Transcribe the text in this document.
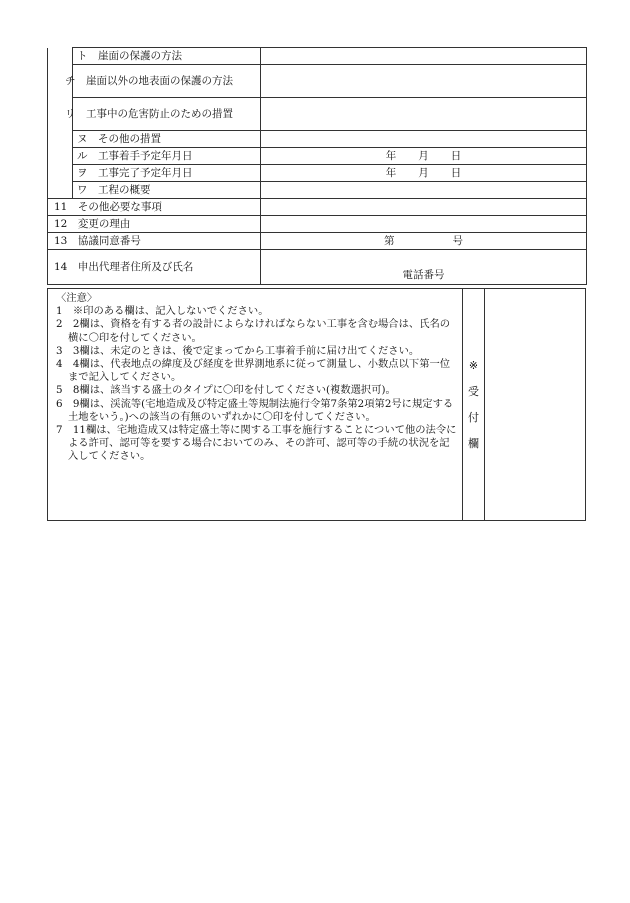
	ト　崖面の保護の方法	
	チ　崖面以外の地表面の保護の方法	
	リ　工事中の危害防止のための措置	
	ヌ　その他の措置	
	ル　工事着手予定年月日	年 月 日
	ヲ　工事完了予定年月日	年 月 日
	ワ　工程の概要	
11　その他必要な事項		
12　変更の理由		
13　協議同意番号		第 号
14　申出代理者住所及び氏名		電話番号
〈注意〉

1　※印のある欄は、記入しないでください。

2　2欄は、資格を有する者の設計によらなければならない工事を含む場合は、氏名の横に〇印を付してください。

3　3欄は、未定のときは、後で定まってから工事着手前に届け出てください。

4　4欄は、代表地点の緯度及び経度を世界測地系に従って測量し、小数点以下第一位まで記入してください。

5　8欄は、該当する盛土のタイプに〇印を付してください(複数選択可)。

6　9欄は、渓流等(宅地造成及び特定盛土等規制法施行令第7条第2項第2号に規定する土地をいう。)への該当の有無のいずれかに〇印を付してください。

7　11欄は、宅地造成又は特定盛土等に関する工事を施行することについて他の法令による許可、認可等を要する場合においてのみ、その許可、認可等の手続の状況を記入してください。

※
受
付
欄
